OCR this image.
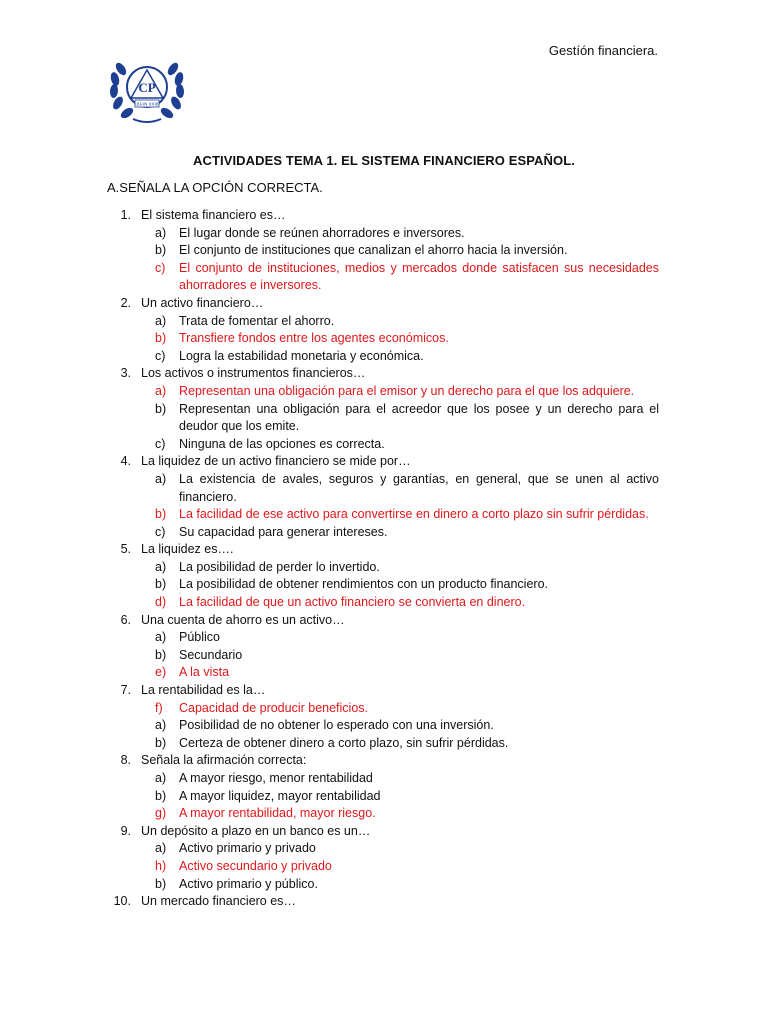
Gestíón financiera.
CP
JUAN XXIII
ACTIVIDADES TEMA 1. EL SISTEMA FINANCIERO ESPAÑOL.
A.SEÑALA LA OPCIÓN CORRECTA.
1. El sistema financiero es…
a)	El lugar donde se reúnen ahorradores e inversores.
b)	El conjunto de instituciones que canalizan el ahorro hacia la inversión.
c)	El conjunto de instituciones, medios y mercados donde satisfacen sus necesidades ahorradores e inversores.
2. Un activo financiero…
a)	Trata de fomentar el ahorro.
b)	Transfiere fondos entre los agentes económicos.
c)	Logra la estabilidad monetaria y económica.
3. Los activos o instrumentos financieros…
a)	Representan una obligación para el emisor y un derecho para el que los adquiere.
b)	Representan una obligación para el acreedor que los posee y un derecho para el deudor que los emite.
c)	Ninguna de las opciones es correcta.
4. La liquidez de un activo financiero se mide por…
a)	La existencia de avales, seguros y garantías, en general, que se unen al activo financiero.
b)	La facilidad de ese activo para convertirse en dinero a corto plazo sin sufrir pérdidas.
c)	Su capacidad para generar intereses.
5. La liquidez es….
a)	La posibilidad de perder lo invertido.
b)	La posibilidad de obtener rendimientos con un producto financiero.
d)	La facilidad de que un activo financiero se convierta en dinero.
6. Una cuenta de ahorro es un activo…
a)	Público
b)	Secundario
e)	A la vista
7. La rentabilidad es la…
f)	Capacidad de producir beneficios.
a)	Posibilidad de no obtener lo esperado con una inversión.
b)	Certeza de obtener dinero a corto plazo, sin sufrir pérdidas.
8. Señala la afirmación correcta:
a)	A mayor riesgo, menor rentabilidad
b)	A mayor liquidez, mayor rentabilidad
g)	A mayor rentabilidad, mayor riesgo.
9. Un depósito a plazo en un banco es un…
a)	Activo primario y privado
h)	Activo secundario y privado
b)	Activo primario y público.
10. Un mercado financiero es…
